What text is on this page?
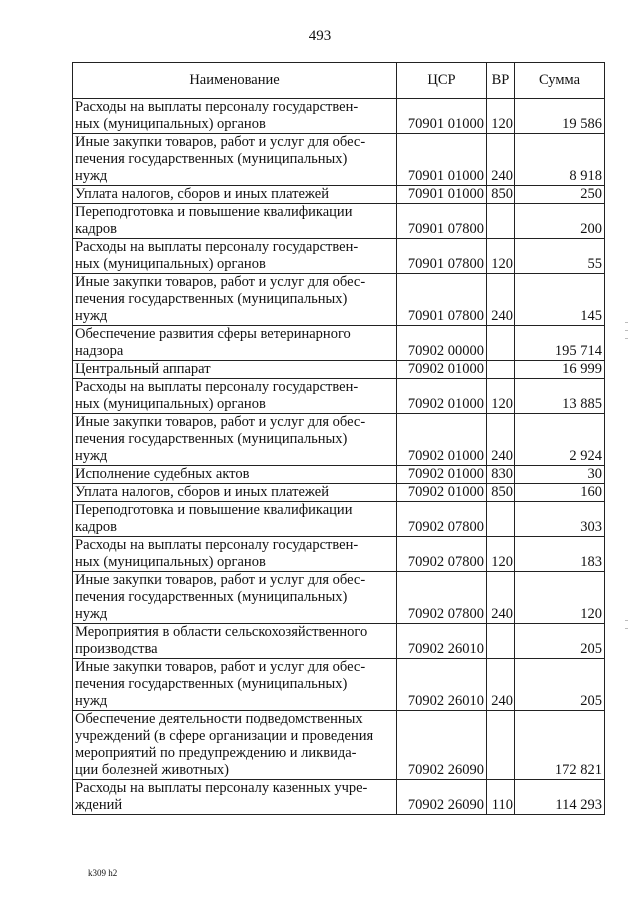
493
Наименование	ЦСР	ВР	Сумма

Расходы на выплаты персоналу государствен-
ных (муниципальных) органов	70901 01000	120	19 586

Иные закупки товаров, работ и услуг для обес-
печения государственных (муниципальных)
нужд	70901 01000	240	8 918

Уплата налогов, сборов и иных платежей	70901 01000	850	250

Переподготовка и повышение квалификации
кадров	70901 07800		200

Расходы на выплаты персоналу государствен-
ных (муниципальных) органов	70901 07800	120	55

Иные закупки товаров, работ и услуг для обес-
печения государственных (муниципальных)
нужд	70901 07800	240	145

Обеспечение развития сферы ветеринарного
надзора	70902 00000		195 714

Центральный аппарат	70902 01000		16 999

Расходы на выплаты персоналу государствен-
ных (муниципальных) органов	70902 01000	120	13 885

Иные закупки товаров, работ и услуг для обес-
печения государственных (муниципальных)
нужд	70902 01000	240	2 924

Исполнение судебных актов	70902 01000	830	30

Уплата налогов, сборов и иных платежей	70902 01000	850	160

Переподготовка и повышение квалификации
кадров	70902 07800		303

Расходы на выплаты персоналу государствен-
ных (муниципальных) органов	70902 07800	120	183

Иные закупки товаров, работ и услуг для обес-
печения государственных (муниципальных)
нужд	70902 07800	240	120

Мероприятия в области сельскохозяйственного
производства	70902 26010		205

Иные закупки товаров, работ и услуг для обес-
печения государственных (муниципальных)
нужд	70902 26010	240	205

Обеспечение деятельности подведомственных
учреждений (в сфере организации и проведения
мероприятий по предупреждению и ликвида-
ции болезней животных)	70902 26090		172 821

Расходы на выплаты персоналу казенных учре-
ждений	70902 26090	110	114 293
k309 h2
